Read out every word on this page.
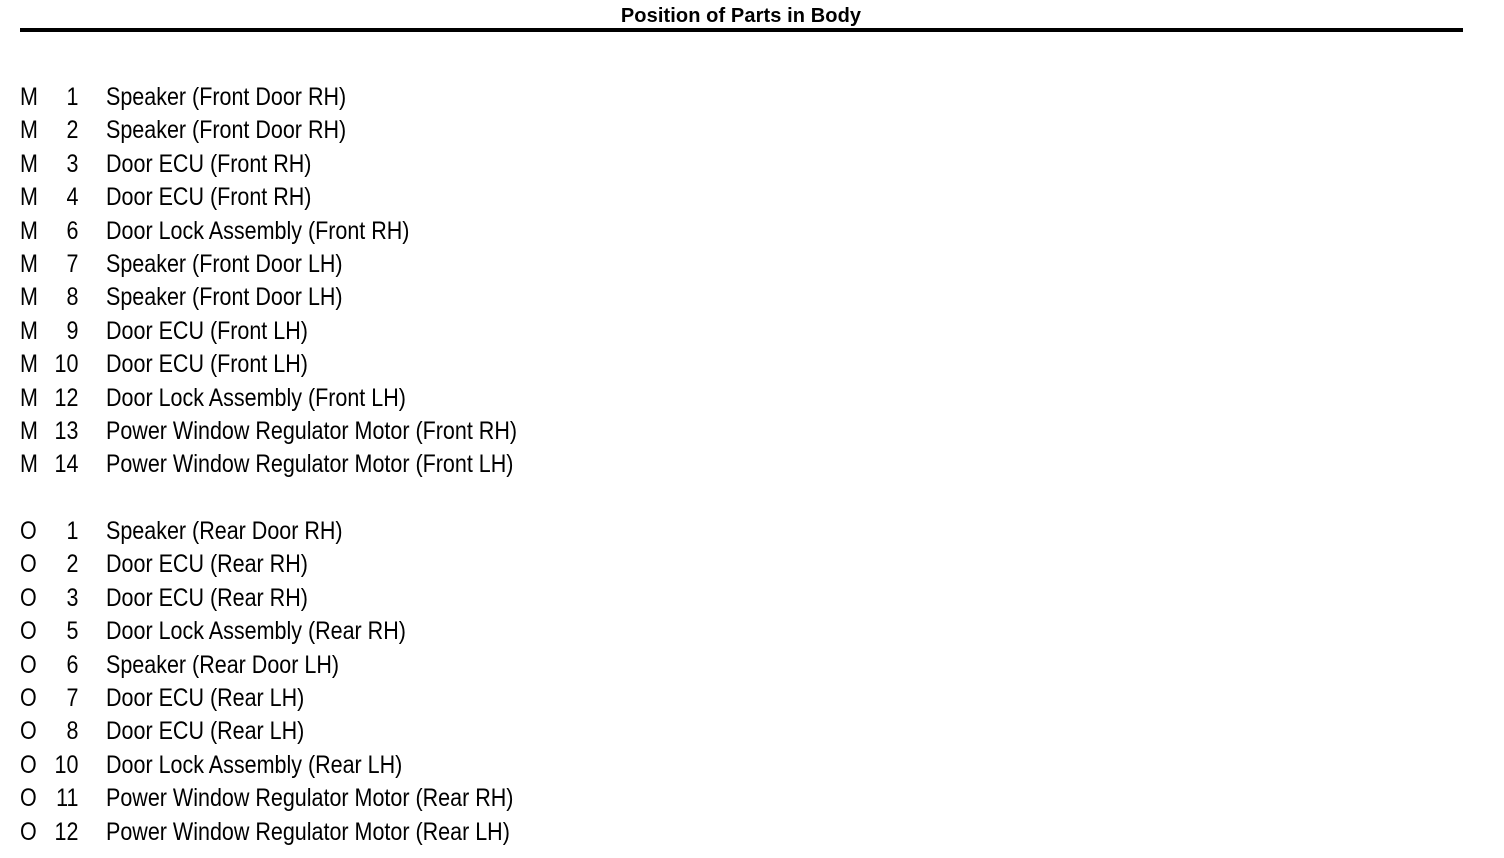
Position of Parts in Body
M	1 Speaker (Front Door RH)
M	2 Speaker (Front Door RH)
M	3 Door ECU (Front RH)
M	4 Door ECU (Front RH)
M	6 Door Lock Assembly (Front RH)
M	7 Speaker (Front Door LH)
M	8 Speaker (Front Door LH)
M	9 Door ECU (Front LH)
M 10 Door ECU (Front LH)
M 12 Door Lock Assembly (Front LH)
M 13 Power Window Regulator Motor (Front RH)
M 14 Power Window Regulator Motor (Front LH)
O	1 Speaker (Rear Door RH)
O	2 Door ECU (Rear RH)
O	3 Door ECU (Rear RH)
O	5 Door Lock Assembly (Rear RH)
O	6 Speaker (Rear Door LH)
O	7 Door ECU (Rear LH)
O	8 Door ECU (Rear LH)
O 10 Door Lock Assembly (Rear LH)
O 11 Power Window Regulator Motor (Rear RH)
O 12 Power Window Regulator Motor (Rear LH)
